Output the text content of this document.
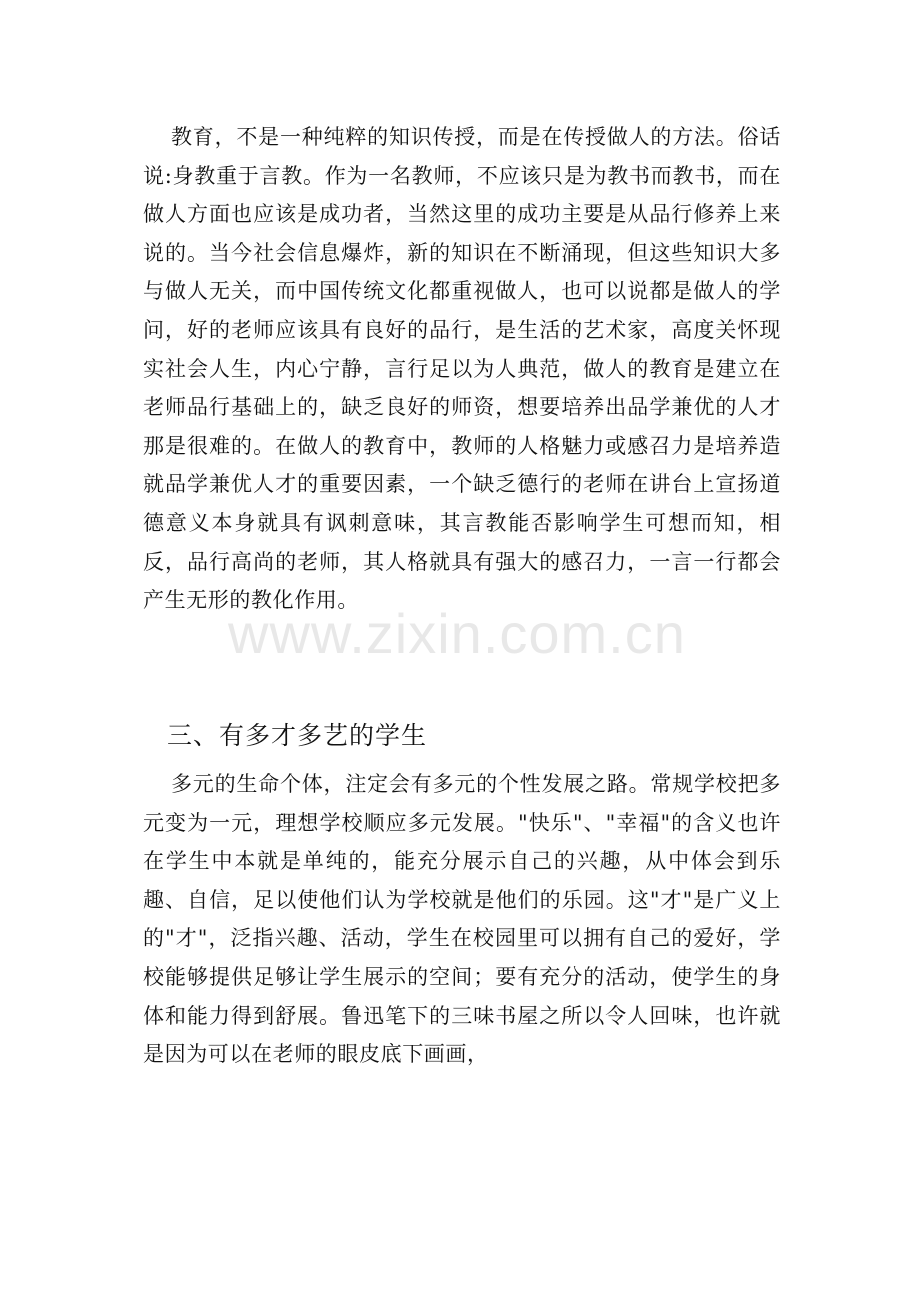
教育，不是一种纯粹的知识传授，而是在传授做人的方法。俗话说:身教重于言教。作为一名教师，不应该只是为教书而教书，而在做人方面也应该是成功者，当然这里的成功主要是从品行修养上来说的。当今社会信息爆炸，新的知识在不断涌现，但这些知识大多与做人无关，而中国传统文化都重视做人，也可以说都是做人的学问，好的老师应该具有良好的品行，是生活的艺术家，高度关怀现实社会人生，内心宁静，言行足以为人典范，做人的教育是建立在老师品行基础上的，缺乏良好的师资，想要培养出品学兼优的人才那是很难的。在做人的教育中，教师的人格魅力或感召力是培养造就品学兼优人才的重要因素，一个缺乏德行的老师在讲台上宣扬道德意义本身就具有讽刺意味，其言教能否影响学生可想而知，相反，品行高尚的老师，其人格就具有强大的感召力，一言一行都会产生无形的教化作用。

三、有多才多艺的学生

多元的生命个体，注定会有多元的个性发展之路。常规学校把多元变为一元，理想学校顺应多元发展。"快乐"、"幸福"的含义也许在学生中本就是单纯的，能充分展示自己的兴趣，从中体会到乐趣、自信，足以使他们认为学校就是他们的乐园。这"才"是广义上的"才"，泛指兴趣、活动，学生在校园里可以拥有自己的爱好，学校能够提供足够让学生展示的空间；要有充分的活动，使学生的身体和能力得到舒展。鲁迅笔下的三味书屋之所以令人回味，也许就是因为可以在老师的眼皮底下画画，

www.zixin.com.cn
